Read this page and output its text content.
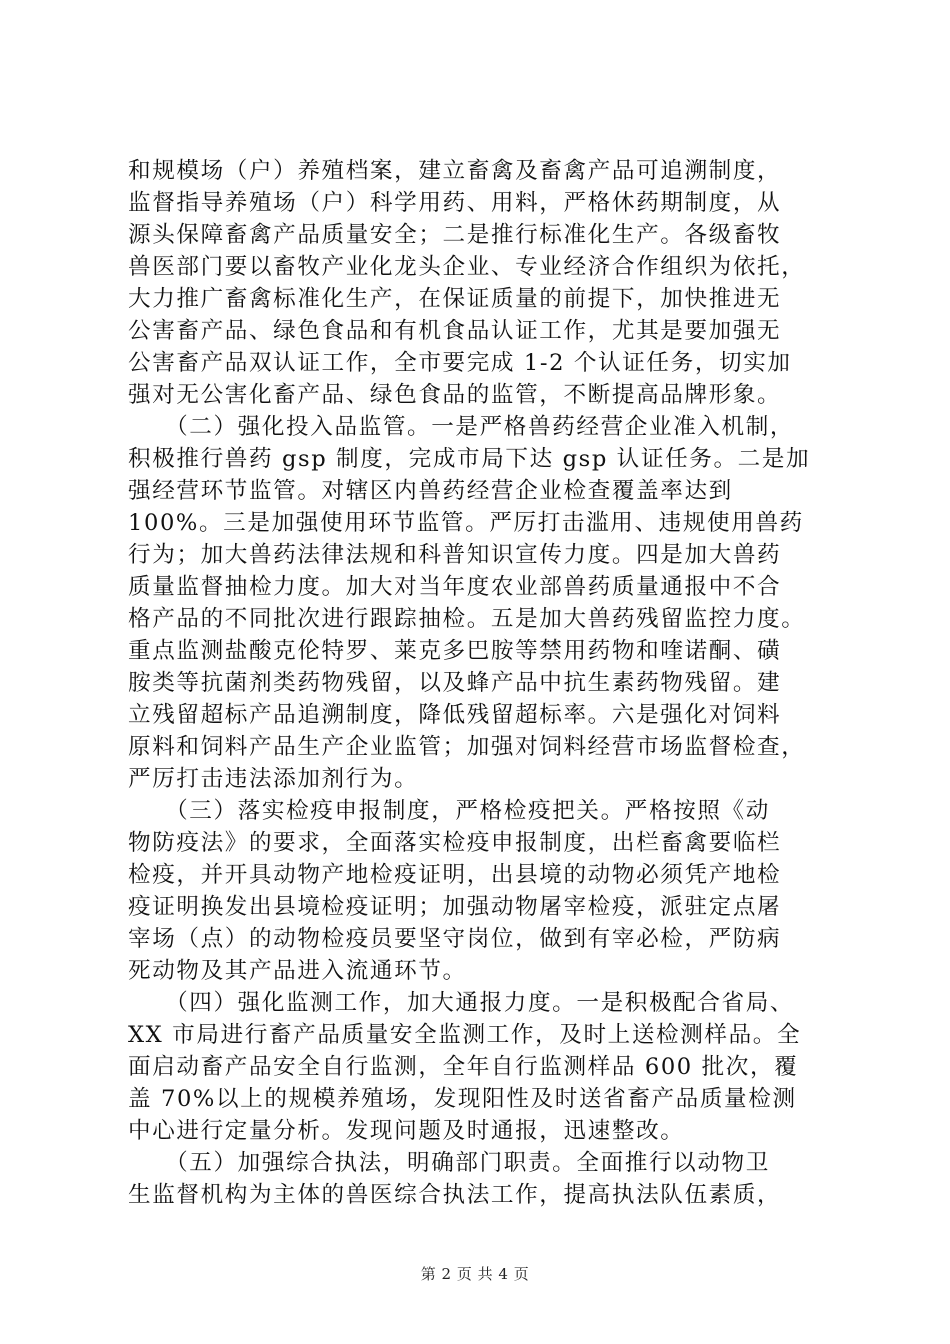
和规模场（户）养殖档案，建立畜禽及畜禽产品可追溯制度，
监督指导养殖场（户）科学用药、用料，严格休药期制度，从
源头保障畜禽产品质量安全；二是推行标准化生产。各级畜牧
兽医部门要以畜牧产业化龙头企业、专业经济合作组织为依托，
大力推广畜禽标准化生产，在保证质量的前提下，加快推进无
公害畜产品、绿色食品和有机食品认证工作，尤其是要加强无
公害畜产品双认证工作，全市要完成 1-2 个认证任务，切实加
强对无公害化畜产品、绿色食品的监管，不断提高品牌形象。
　　（二）强化投入品监管。一是严格兽药经营企业准入机制，
积极推行兽药 gsp 制度，完成市局下达 gsp 认证任务。二是加
强经营环节监管。对辖区内兽药经营企业检查覆盖率达到
100%。三是加强使用环节监管。严厉打击滥用、违规使用兽药
行为；加大兽药法律法规和科普知识宣传力度。四是加大兽药
质量监督抽检力度。加大对当年度农业部兽药质量通报中不合
格产品的不同批次进行跟踪抽检。五是加大兽药残留监控力度。
重点监测盐酸克伦特罗、莱克多巴胺等禁用药物和喹诺酮、磺
胺类等抗菌剂类药物残留，以及蜂产品中抗生素药物残留。建
立残留超标产品追溯制度，降低残留超标率。六是强化对饲料
原料和饲料产品生产企业监管；加强对饲料经营市场监督检查，
严厉打击违法添加剂行为。
　　（三）落实检疫申报制度，严格检疫把关。严格按照《动
物防疫法》的要求，全面落实检疫申报制度，出栏畜禽要临栏
检疫，并开具动物产地检疫证明，出县境的动物必须凭产地检
疫证明换发出县境检疫证明；加强动物屠宰检疫，派驻定点屠
宰场（点）的动物检疫员要坚守岗位，做到有宰必检，严防病
死动物及其产品进入流通环节。
　　（四）强化监测工作，加大通报力度。一是积极配合省局、
XX 市局进行畜产品质量安全监测工作，及时上送检测样品。全
面启动畜产品安全自行监测，全年自行监测样品 600 批次，覆
盖 70%以上的规模养殖场，发现阳性及时送省畜产品质量检测
中心进行定量分析。发现问题及时通报，迅速整改。
　　（五）加强综合执法，明确部门职责。全面推行以动物卫
生监督机构为主体的兽医综合执法工作，提高执法队伍素质，
第 2 页 共 4 页
